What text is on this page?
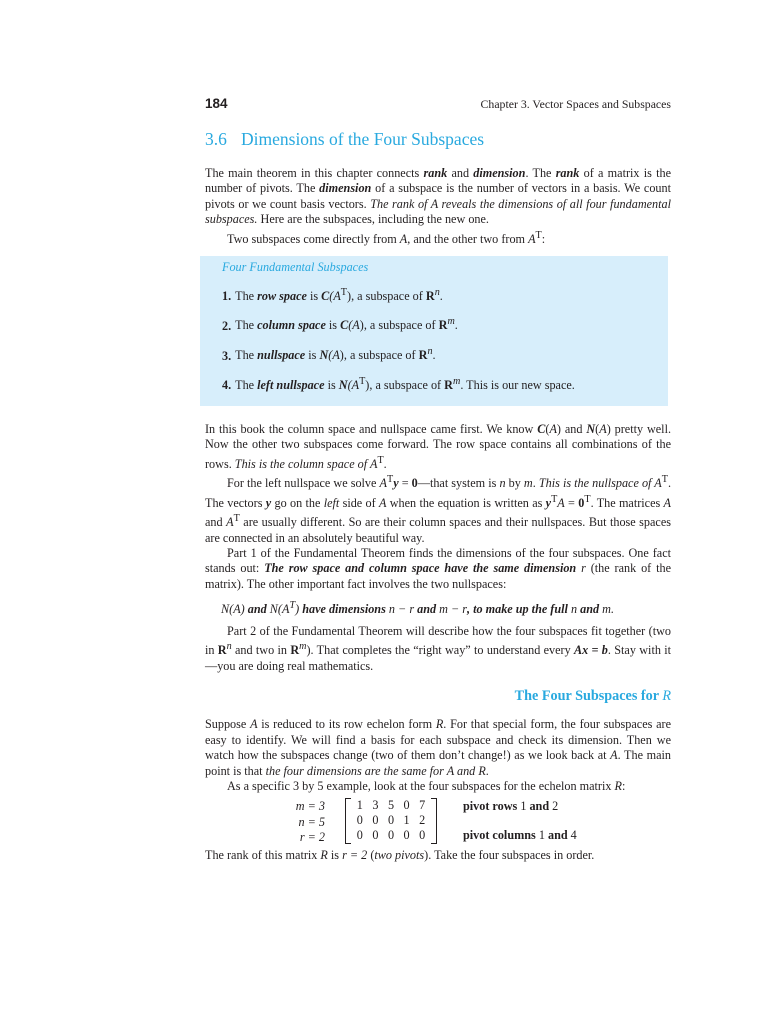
184	Chapter 3. Vector Spaces and Subspaces
3.6 Dimensions of the Four Subspaces

The main theorem in this chapter connects rank and dimension. The rank of a matrix is the number of pivots. The dimension of a subspace is the number of vectors in a basis. We count pivots or we count basis vectors. The rank of A reveals the dimensions of all four fundamental subspaces. Here are the subspaces, including the new one.

Two subspaces come directly from A, and the other two from $A^T$:

Four Fundamental Subspaces
1. The row space is $C(A^T)$, a subspace of $R^n$.
2. The column space is C(A), a subspace of $R^m$.
3. The nullspace is N(A), a subspace of $R^n$.
4. The left nullspace is $N(A^T)$, a subspace of $R^m$. This is our new space.

In this book the column space and nullspace came first. We know C(A) and N(A) pretty well. Now the other two subspaces come forward. The row space contains all combinations of the rows. This is the column space of $A^T$.

For the left nullspace we solve $A^Ty$ = 0—that system is n by m. This is the nullspace of $A^T$. The vectors y go on the left side of A when the equation is written as $y^TA = 0^T$. The matrices A and $A^T$ are usually different. So are their column spaces and their nullspaces. But those spaces are connected in an absolutely beautiful way.

Part 1 of the Fundamental Theorem finds the dimensions of the four subspaces. One fact stands out: The row space and column space have the same dimension r (the rank of the matrix). The other important fact involves the two nullspaces:

N(A) and $N(A^T)$ have dimensions n − r and m − r, to make up the full n and m.

Part 2 of the Fundamental Theorem will describe how the four subspaces fit together (two in $R^n$ and two in $R^m$). That completes the “right way” to understand every Ax = b. Stay with it—you are doing real mathematics.

The Four Subspaces for R

Suppose A is reduced to its row echelon form R. For that special form, the four subspaces are easy to identify. We will find a basis for each subspace and check its dimension. Then we watch how the subspaces change (two of them don’t change!) as we look back at A. The main point is that the four dimensions are the same for A and R.

As a specific 3 by 5 example, look at the four subspaces for the echelon matrix R:

m = 3
n = 5
r = 2
1 3 5 0 7
0 0 0 1 2
0 0 0 0 0
pivot rows 1 and 2
pivot columns 1 and 4

The rank of this matrix R is r = 2 (two pivots). Take the four subspaces in order.
